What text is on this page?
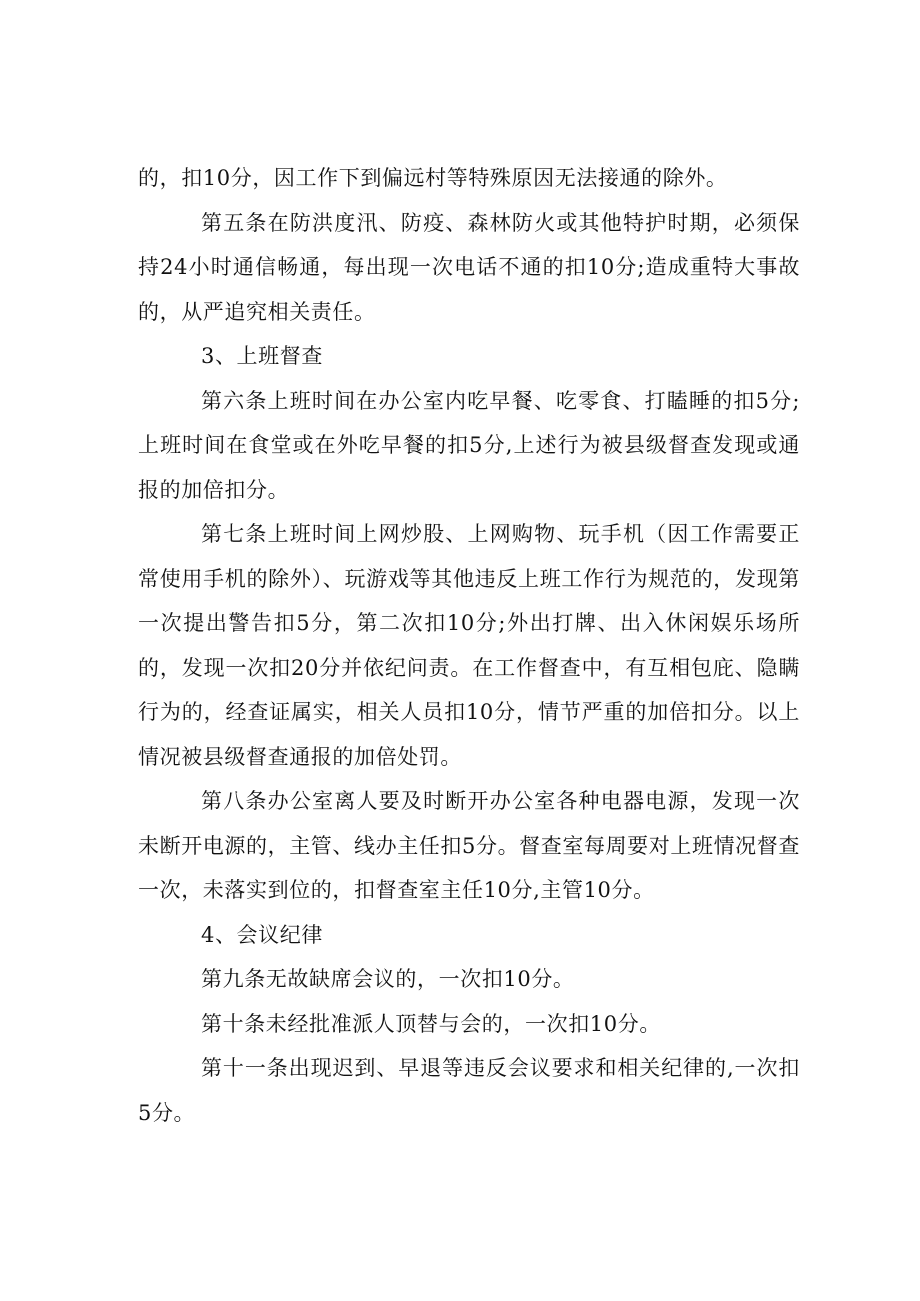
的，扣10分，因工作下到偏远村等特殊原因无法接通的除外。

第五条在防洪度汛、防疫、森林防火或其他特护时期，必须保持24小时通信畅通，每出现一次电话不通的扣10分;造成重特大事故的，从严追究相关责任。

3、上班督查

第六条上班时间在办公室内吃早餐、吃零食、打瞌睡的扣5分;上班时间在食堂或在外吃早餐的扣5分,上述行为被县级督查发现或通报的加倍扣分。

第七条上班时间上网炒股、上网购物、玩手机（因工作需要正常使用手机的除外）、玩游戏等其他违反上班工作行为规范的，发现第一次提出警告扣5分，第二次扣10分;外出打牌、出入休闲娱乐场所的，发现一次扣20分并依纪问责。在工作督查中，有互相包庇、隐瞒行为的，经查证属实，相关人员扣10分，情节严重的加倍扣分。以上情况被县级督查通报的加倍处罚。

第八条办公室离人要及时断开办公室各种电器电源，发现一次未断开电源的，主管、线办主任扣5分。督查室每周要对上班情况督查一次，未落实到位的，扣督查室主任10分,主管10分。

4、会议纪律

第九条无故缺席会议的，一次扣10分。

第十条未经批准派人顶替与会的，一次扣10分。

第十一条出现迟到、早退等违反会议要求和相关纪律的,一次扣5分。
